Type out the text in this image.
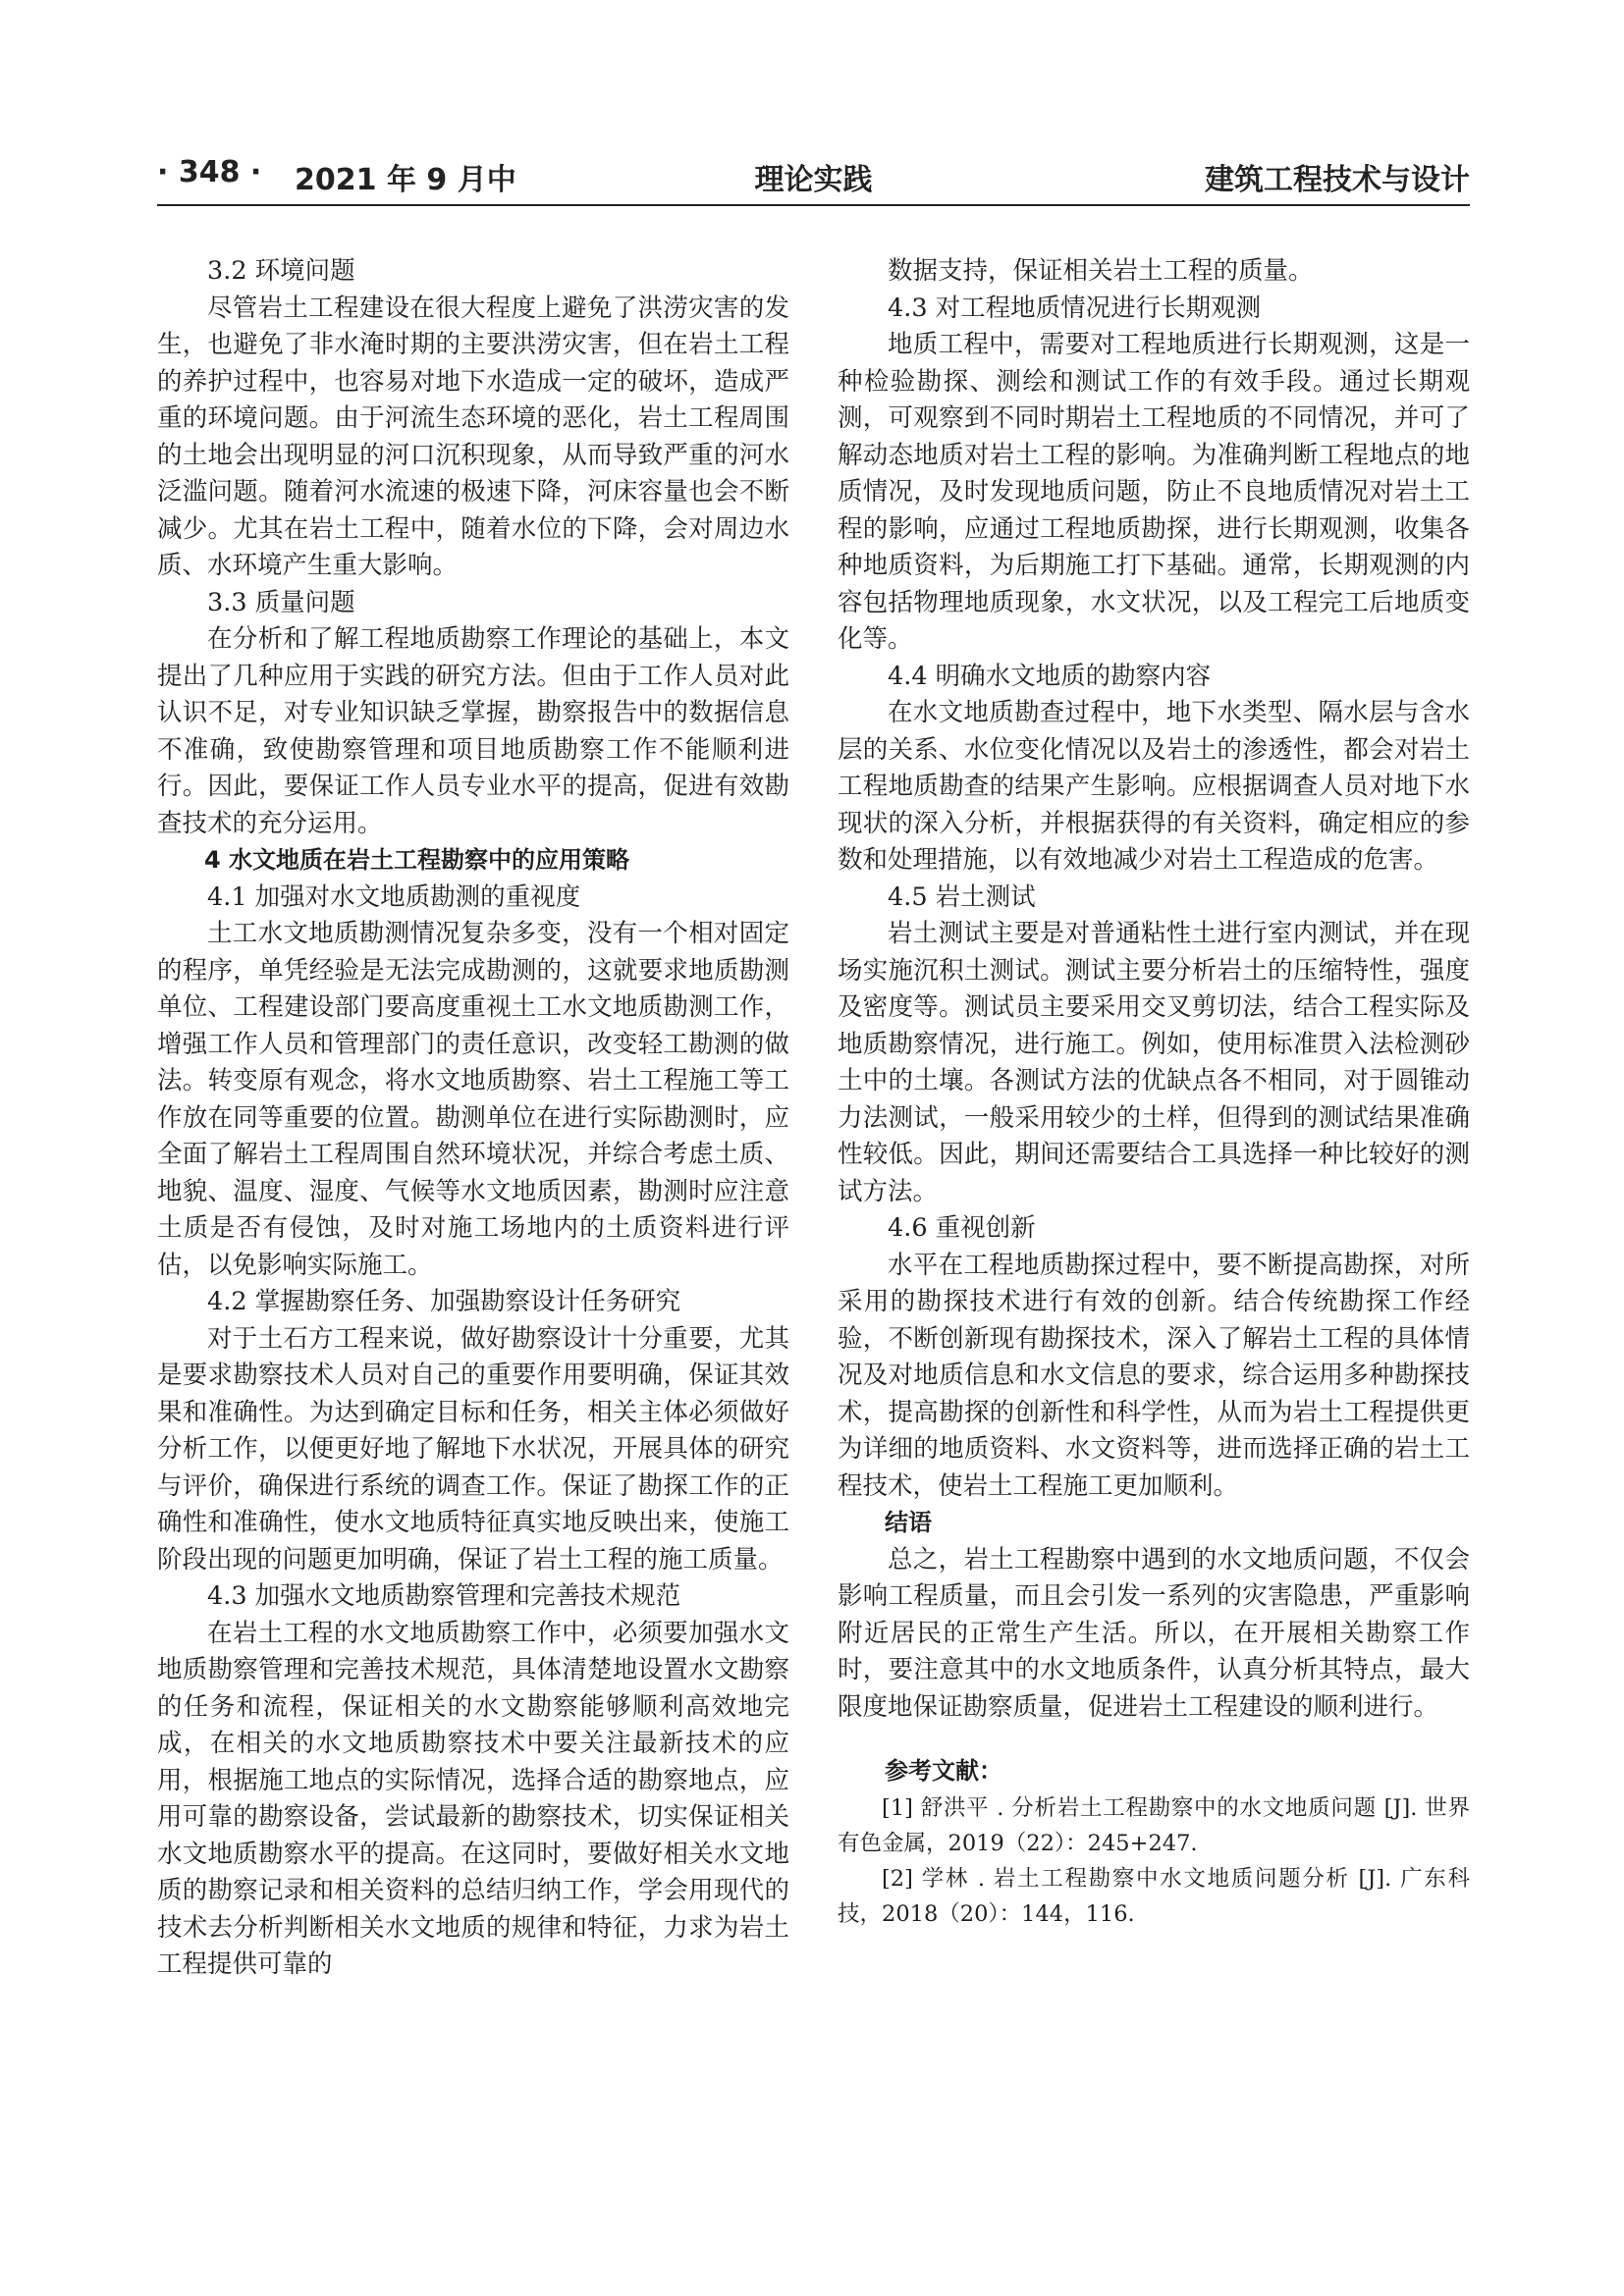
· 348 · 2021 年 9 月中	理论实践	建筑工程技术与设计

3.2 环境问题

尽管岩土工程建设在很大程度上避免了洪涝灾害的发生，也避免了非水淹时期的主要洪涝灾害，但在岩土工程的养护过程中，也容易对地下水造成一定的破坏，造成严重的环境问题。由于河流生态环境的恶化，岩土工程周围的土地会出现明显的河口沉积现象，从而导致严重的河水泛滥问题。随着河水流速的极速下降，河床容量也会不断减少。尤其在岩土工程中，随着水位的下降，会对周边水质、水环境产生重大影响。

3.3 质量问题

在分析和了解工程地质勘察工作理论的基础上，本文提出了几种应用于实践的研究方法。但由于工作人员对此认识不足，对专业知识缺乏掌握，勘察报告中的数据信息不准确，致使勘察管理和项目地质勘察工作不能顺利进行。因此，要保证工作人员专业水平的提高，促进有效勘查技术的充分运用。

4 水文地质在岩土工程勘察中的应用策略

4.1 加强对水文地质勘测的重视度

土工水文地质勘测情况复杂多变，没有一个相对固定的程序，单凭经验是无法完成勘测的，这就要求地质勘测单位、工程建设部门要高度重视土工水文地质勘测工作，增强工作人员和管理部门的责任意识，改变轻工勘测的做法。转变原有观念，将水文地质勘察、岩土工程施工等工作放在同等重要的位置。勘测单位在进行实际勘测时，应全面了解岩土工程周围自然环境状况，并综合考虑土质、地貌、温度、湿度、气候等水文地质因素，勘测时应注意土质是否有侵蚀，及时对施工场地内的土质资料进行评估，以免影响实际施工。

4.2 掌握勘察任务、加强勘察设计任务研究

对于土石方工程来说，做好勘察设计十分重要，尤其是要求勘察技术人员对自己的重要作用要明确，保证其效果和准确性。为达到确定目标和任务，相关主体必须做好分析工作，以便更好地了解地下水状况，开展具体的研究与评价，确保进行系统的调查工作。保证了勘探工作的正确性和准确性，使水文地质特征真实地反映出来，使施工阶段出现的问题更加明确，保证了岩土工程的施工质量。

4.3 加强水文地质勘察管理和完善技术规范

在岩土工程的水文地质勘察工作中，必须要加强水文地质勘察管理和完善技术规范，具体清楚地设置水文勘察的任务和流程，保证相关的水文勘察能够顺利高效地完成，在相关的水文地质勘察技术中要关注最新技术的应用，根据施工地点的实际情况，选择合适的勘察地点，应用可靠的勘察设备，尝试最新的勘察技术，切实保证相关水文地质勘察水平的提高。在这同时，要做好相关水文地质的勘察记录和相关资料的总结归纳工作，学会用现代的技术去分析判断相关水文地质的规律和特征，力求为岩土工程提供可靠的

数据支持，保证相关岩土工程的质量。

4.3 对工程地质情况进行长期观测

地质工程中，需要对工程地质进行长期观测，这是一种检验勘探、测绘和测试工作的有效手段。通过长期观测，可观察到不同时期岩土工程地质的不同情况，并可了解动态地质对岩土工程的影响。为准确判断工程地点的地质情况，及时发现地质问题，防止不良地质情况对岩土工程的影响，应通过工程地质勘探，进行长期观测，收集各种地质资料，为后期施工打下基础。通常，长期观测的内容包括物理地质现象，水文状况，以及工程完工后地质变化等。

4.4 明确水文地质的勘察内容

在水文地质勘查过程中，地下水类型、隔水层与含水层的关系、水位变化情况以及岩土的渗透性，都会对岩土工程地质勘查的结果产生影响。应根据调查人员对地下水现状的深入分析，并根据获得的有关资料，确定相应的参数和处理措施，以有效地减少对岩土工程造成的危害。

4.5 岩土测试

岩土测试主要是对普通粘性土进行室内测试，并在现场实施沉积土测试。测试主要分析岩土的压缩特性，强度及密度等。测试员主要采用交叉剪切法，结合工程实际及地质勘察情况，进行施工。例如，使用标准贯入法检测砂土中的土壤。各测试方法的优缺点各不相同，对于圆锥动力法测试，一般采用较少的土样，但得到的测试结果准确性较低。因此，期间还需要结合工具选择一种比较好的测试方法。

4.6 重视创新

水平在工程地质勘探过程中，要不断提高勘探，对所采用的勘探技术进行有效的创新。结合传统勘探工作经验，不断创新现有勘探技术，深入了解岩土工程的具体情况及对地质信息和水文信息的要求，综合运用多种勘探技术，提高勘探的创新性和科学性，从而为岩土工程提供更为详细的地质资料、水文资料等，进而选择正确的岩土工程技术，使岩土工程施工更加顺利。

结语

总之，岩土工程勘察中遇到的水文地质问题，不仅会影响工程质量，而且会引发一系列的灾害隐患，严重影响附近居民的正常生产生活。所以，在开展相关勘察工作时，要注意其中的水文地质条件，认真分析其特点，最大限度地保证勘察质量，促进岩土工程建设的顺利进行。

参考文献：

[1] 舒洪平 . 分析岩土工程勘察中的水文地质问题 [J]. 世界有色金属，2019（22）：245+247.

[2] 学林 . 岩土工程勘察中水文地质问题分析 [J]. 广东科技，2018（20）：144，116.
